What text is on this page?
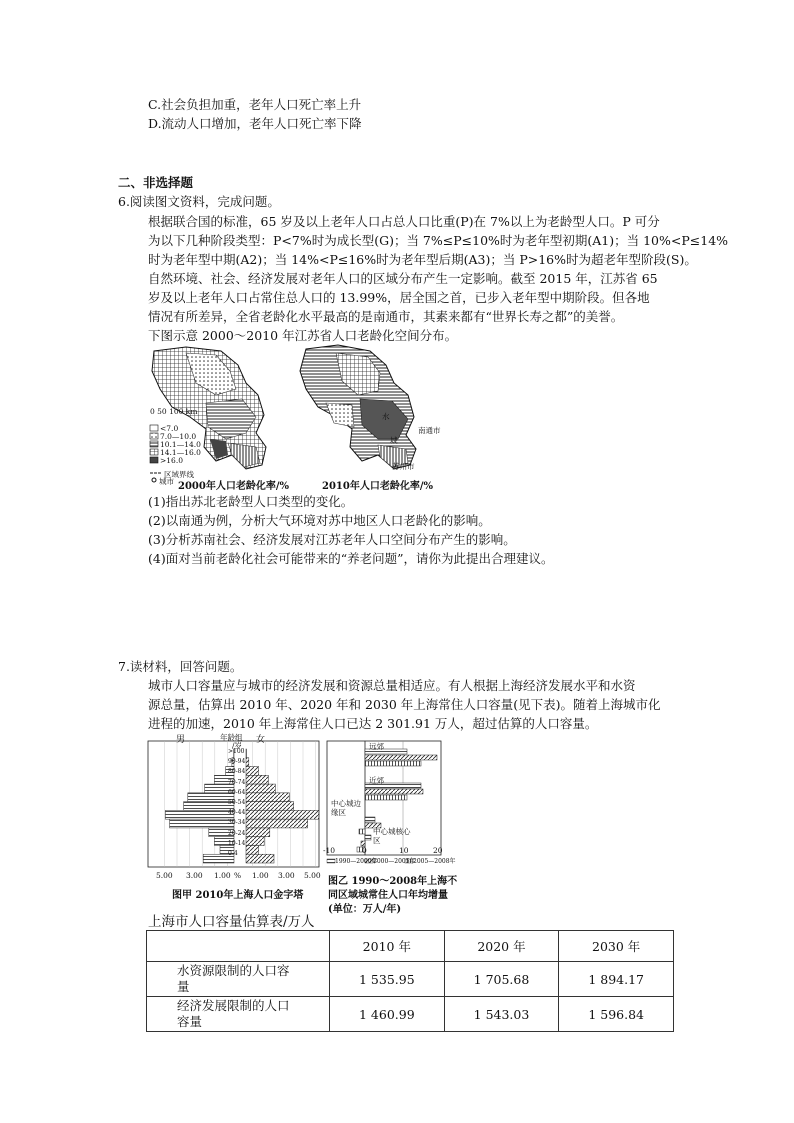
C.社会负担加重，老年人口死亡率上升
D.流动人口增加，老年人口死亡率下降
二、非选择题
6.阅读图文资料，完成问题。
根据联合国的标准，65 岁及以上老年人口占总人口比重(P)在 7%以上为老龄型人口。P 可分
为以下几种阶段类型：P<7%时为成长型(G)；当 7%≤P≤10%时为老年型初期(A1)；当 10%<P≤14%
时为老年型中期(A2)；当 14%<P≤16%时为老年型后期(A3)；当 P>16%时为超老年型阶段(S)。
自然环境、社会、经济发展对老年人口的区域分布产生一定影响。截至 2015 年，江苏省 65
岁及以上老年人口占常住总人口的 13.99%，居全国之首，已步入老年型中期阶段。但各地
情况有所差异，全省老龄化水平最高的是南通市，其素来都有“世界长寿之都”的美誉。
下图示意 2000～2010 年江苏省人口老龄化空间分布。
0 50 100 km
<7.0
7.0—10.0
10.1—14.0
14.1—16.0
>16.0
区域界线
城市
水
城
南通市
苏州市
2000年人口老龄化率/%	2010年人口老龄化率/%
(1)指出苏北老龄型人口类型的变化。
(2)以南通为例，分析大气环境对苏中地区人口老龄化的影响。
(3)分析苏南社会、经济发展对江苏老年人口空间分布产生的影响。
(4)面对当前老龄化社会可能带来的“养老问题”，请你为此提出合理建议。
7.读材料，回答问题。
城市人口容量应与城市的经济发展和资源总量相适应。有人根据上海经济发展水平和水资
源总量，估算出 2010 年、2020 年和 2030 年上海常住人口容量(见下表)。随着上海城市化
进程的加速，2010 年上海常住人口已达 2 301.91 万人，超过估算的人口容量。
男	年龄组 女
/岁
>100
90-94
80-84
70-74
60-64
50-54
40-44
30-34
20-24
10-14
0-4
5.00 3.00 1.00 % 1.00 3.00 5.00
图甲 2010年上海人口金字塔
远郊
近郊
中心城边缘区
中心城核心区
-10	0	10	20
1990—2000年
2000—2005年
2005—2008年
图乙 1990～2008年上海不
同区域城常住人口年均增量
(单位：万人/年)
上海市人口容量估算表/万人
	2010 年	2020 年	2030 年
水资源限制的人口容
量	1 535.95	1 705.68	1 894.17
经济发展限制的人口
容量	1 460.99	1 543.03	1 596.84
